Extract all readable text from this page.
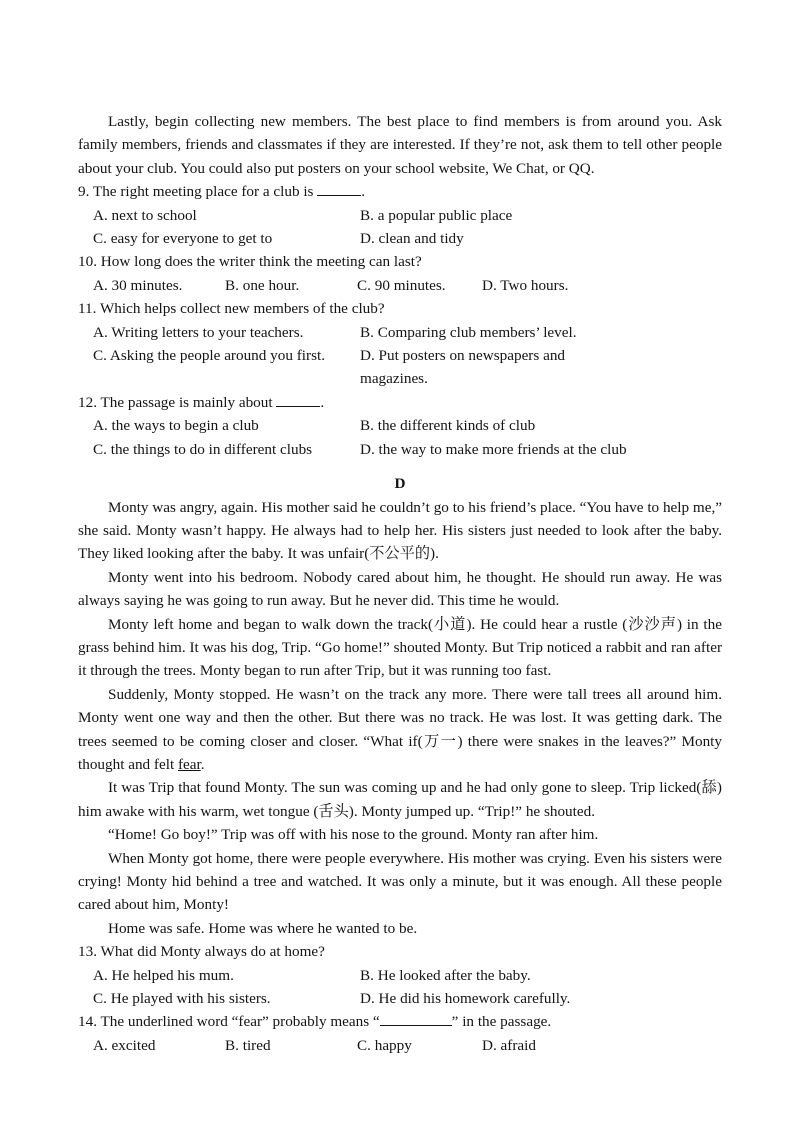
Lastly, begin collecting new members. The best place to find members is from around you. Ask family members, friends and classmates if they are interested. If they’re not, ask them to tell other people about your club. You could also put posters on your school website, We Chat, or QQ.

9. The right meeting place for a club is	.
A. next to school	B. a popular public place
C. easy for everyone to get to	D. clean and tidy
10. How long does the writer think the meeting can last?
A. 30 minutes.	B. one hour.	C. 90 minutes.	D. Two hours.
11. Which helps collect new members of the club?
A. Writing letters to your teachers.	B. Comparing club members’ level.
C. Asking the people around you first.	D. Put posters on newspapers and magazines.
12. The passage is mainly about	.
A. the ways to begin a club	B. the different kinds of club
C. the things to do in different clubs	D. the way to make more friends at the club
D

Monty was angry, again. His mother said he couldn’t go to his friend’s place. “You have to help me,” she said. Monty wasn’t happy. He always had to help her. His sisters just needed to look after the baby. They liked looking after the baby. It was unfair(不公平的).

Monty went into his bedroom. Nobody cared about him, he thought. He should run away. He was always saying he was going to run away. But he never did. This time he would.

Monty left home and began to walk down the track(小道). He could hear a rustle (沙沙声) in the grass behind him. It was his dog, Trip. “Go home!” shouted Monty. But Trip noticed a rabbit and ran after it through the trees. Monty began to run after Trip, but it was running too fast.

Suddenly, Monty stopped. He wasn’t on the track any more. There were tall trees all around him. Monty went one way and then the other. But there was no track. He was lost. It was getting dark. The trees seemed to be coming closer and closer. “What if(万一) there were snakes in the leaves?” Monty thought and felt fear.

It was Trip that found Monty. The sun was coming up and he had only gone to sleep. Trip licked(舔) him awake with his warm, wet tongue (舌头). Monty jumped up. “Trip!” he shouted.

“Home! Go boy!” Trip was off with his nose to the ground. Monty ran after him.

When Monty got home, there were people everywhere. His mother was crying. Even his sisters were crying! Monty hid behind a tree and watched. It was only a minute, but it was enough. All these people cared about him, Monty!

Home was safe. Home was where he wanted to be.

13. What did Monty always do at home?
A. He helped his mum.	B. He looked after the baby.
C. He played with his sisters.	D. He did his homework carefully.
14. The underlined word “fear” probably means “	” in the passage.
A. excited	B. tired	C. happy	D. afraid
